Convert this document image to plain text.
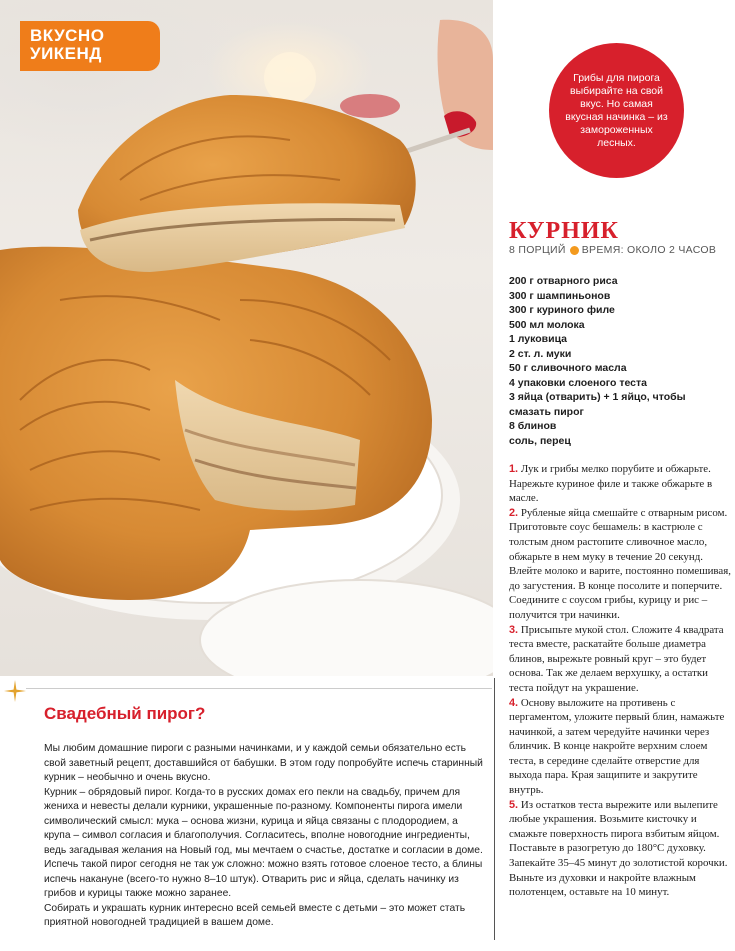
ВКУСНО
УИКЕНД

Грибы для пирога выбирайте на свой вкус. Но самая вкусная начинка – из замороженных лесных.

КУРНИК
8 ПОРЦИЙ ВРЕМЯ: ОКОЛО 2 ЧАСОВ
200 г отварного риса
300 г шампиньонов
300 г куриного филе
500 мл молока
1 луковица
2 ст. л. муки
50 г сливочного масла
4 упаковки слоеного теста
3 яйца (отварить) + 1 яйцо, чтобы
смазать пирог
8 блинов
соль, перец

1. Лук и грибы мелко порубите и обжарьте. Нарежьте куриное филе и также обжарьте в масле.

2. Рубленые яйца смешайте с отварным рисом. Приготовьте соус бешамель: в кастрюле с толстым дном растопите сливочное масло, обжарьте в нем муку в течение 20 секунд. Влейте молоко и варите, постоянно помешивая, до загустения. В конце посолите и поперчите. Соедините с соусом грибы, курицу и рис – получится три начинки.

3. Присыпьте мукой стол. Сложите 4 квадрата теста вместе, раскатайте больше диаметра блинов, вырежьте ровный круг – это будет основа. Так же делаем верхушку, а остатки теста пойдут на украшение.

4. Основу выложите на противень с пергаментом, уложите первый блин, намажьте начинкой, а затем чередуйте начинки через блинчик. В конце накройте верхним слоем теста, в середине сделайте отверстие для выхода пара. Края защипите и закрутите внутрь.

5. Из остатков теста вырежите или вылепите любые украшения. Возьмите кисточку и смажьте поверхность пирога взбитым яйцом. Поставьте в разогретую до 180°С духовку. Запекайте 35–45 минут до золотистой корочки. Выньте из духовки и накройте влажным полотенцем, оставьте на 10 минут.

Свадебный пирог?

Мы любим домашние пироги с разными начинками, и у каждой семьи обязательно есть свой заветный рецепт, доставшийся от бабушки. В этом году попробуйте испечь старинный курник – необычно и очень вкусно.

Курник – обрядовый пирог. Когда-то в русских домах его пекли на свадьбу, причем для жениха и невесты делали курники, украшенные по-разному. Компоненты пирога имели символический смысл: мука – основа жизни, курица и яйца связаны с плодородием, а крупа – символ согласия и благополучия. Согласитесь, вполне новогодние ингредиенты, ведь загадывая желания на Новый год, мы мечтаем о счастье, достатке и согласии в доме.

Испечь такой пирог сегодня не так уж сложно: можно взять готовое слоеное тесто, а блины испечь накануне (всего-то нужно 8–10 штук). Отварить рис и яйца, сделать начинку из грибов и курицы также можно заранее.

Собирать и украшать курник интересно всей семьей вместе с детьми – это может стать приятной новогодней традицией в вашем доме.
